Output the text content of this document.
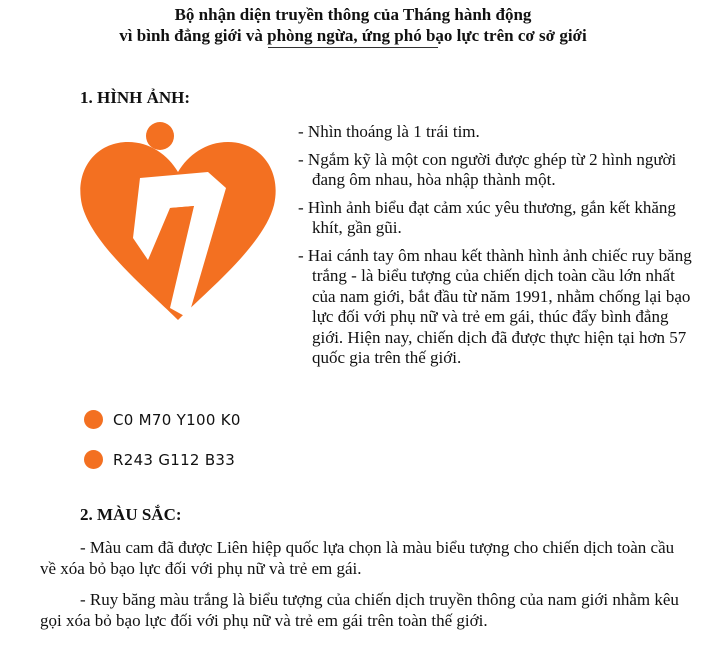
Bộ nhận diện truyền thông của Tháng hành động
vì bình đẳng giới và phòng ngừa, ứng phó bạo lực trên cơ sở giới
1. HÌNH ẢNH:
C0 M70 Y100 K0
R243 G112 B33
- Nhìn thoáng là 1 trái tim.
- Ngắm kỹ là một con người được ghép từ 2 hình người đang ôm nhau, hòa nhập thành một.
- Hình ảnh biểu đạt cảm xúc yêu thương, gắn kết khăng khít, gần gũi.
- Hai cánh tay ôm nhau kết thành hình ảnh chiếc ruy băng trắng - là biểu tượng của chiến dịch toàn cầu lớn nhất của nam giới, bắt đầu từ năm 1991, nhằm chống lại bạo lực đối với phụ nữ và trẻ em gái, thúc đẩy bình đẳng giới. Hiện nay, chiến dịch đã được thực hiện tại hơn 57 quốc gia trên thế giới.
2. MÀU SẮC:

- Màu cam đã được Liên hiệp quốc lựa chọn là màu biểu tượng cho chiến dịch toàn cầu về xóa bỏ bạo lực đối với phụ nữ và trẻ em gái.

- Ruy băng màu trắng là biểu tượng của chiến dịch truyền thông của nam giới nhằm kêu gọi xóa bỏ bạo lực đối với phụ nữ và trẻ em gái trên toàn thế giới.
